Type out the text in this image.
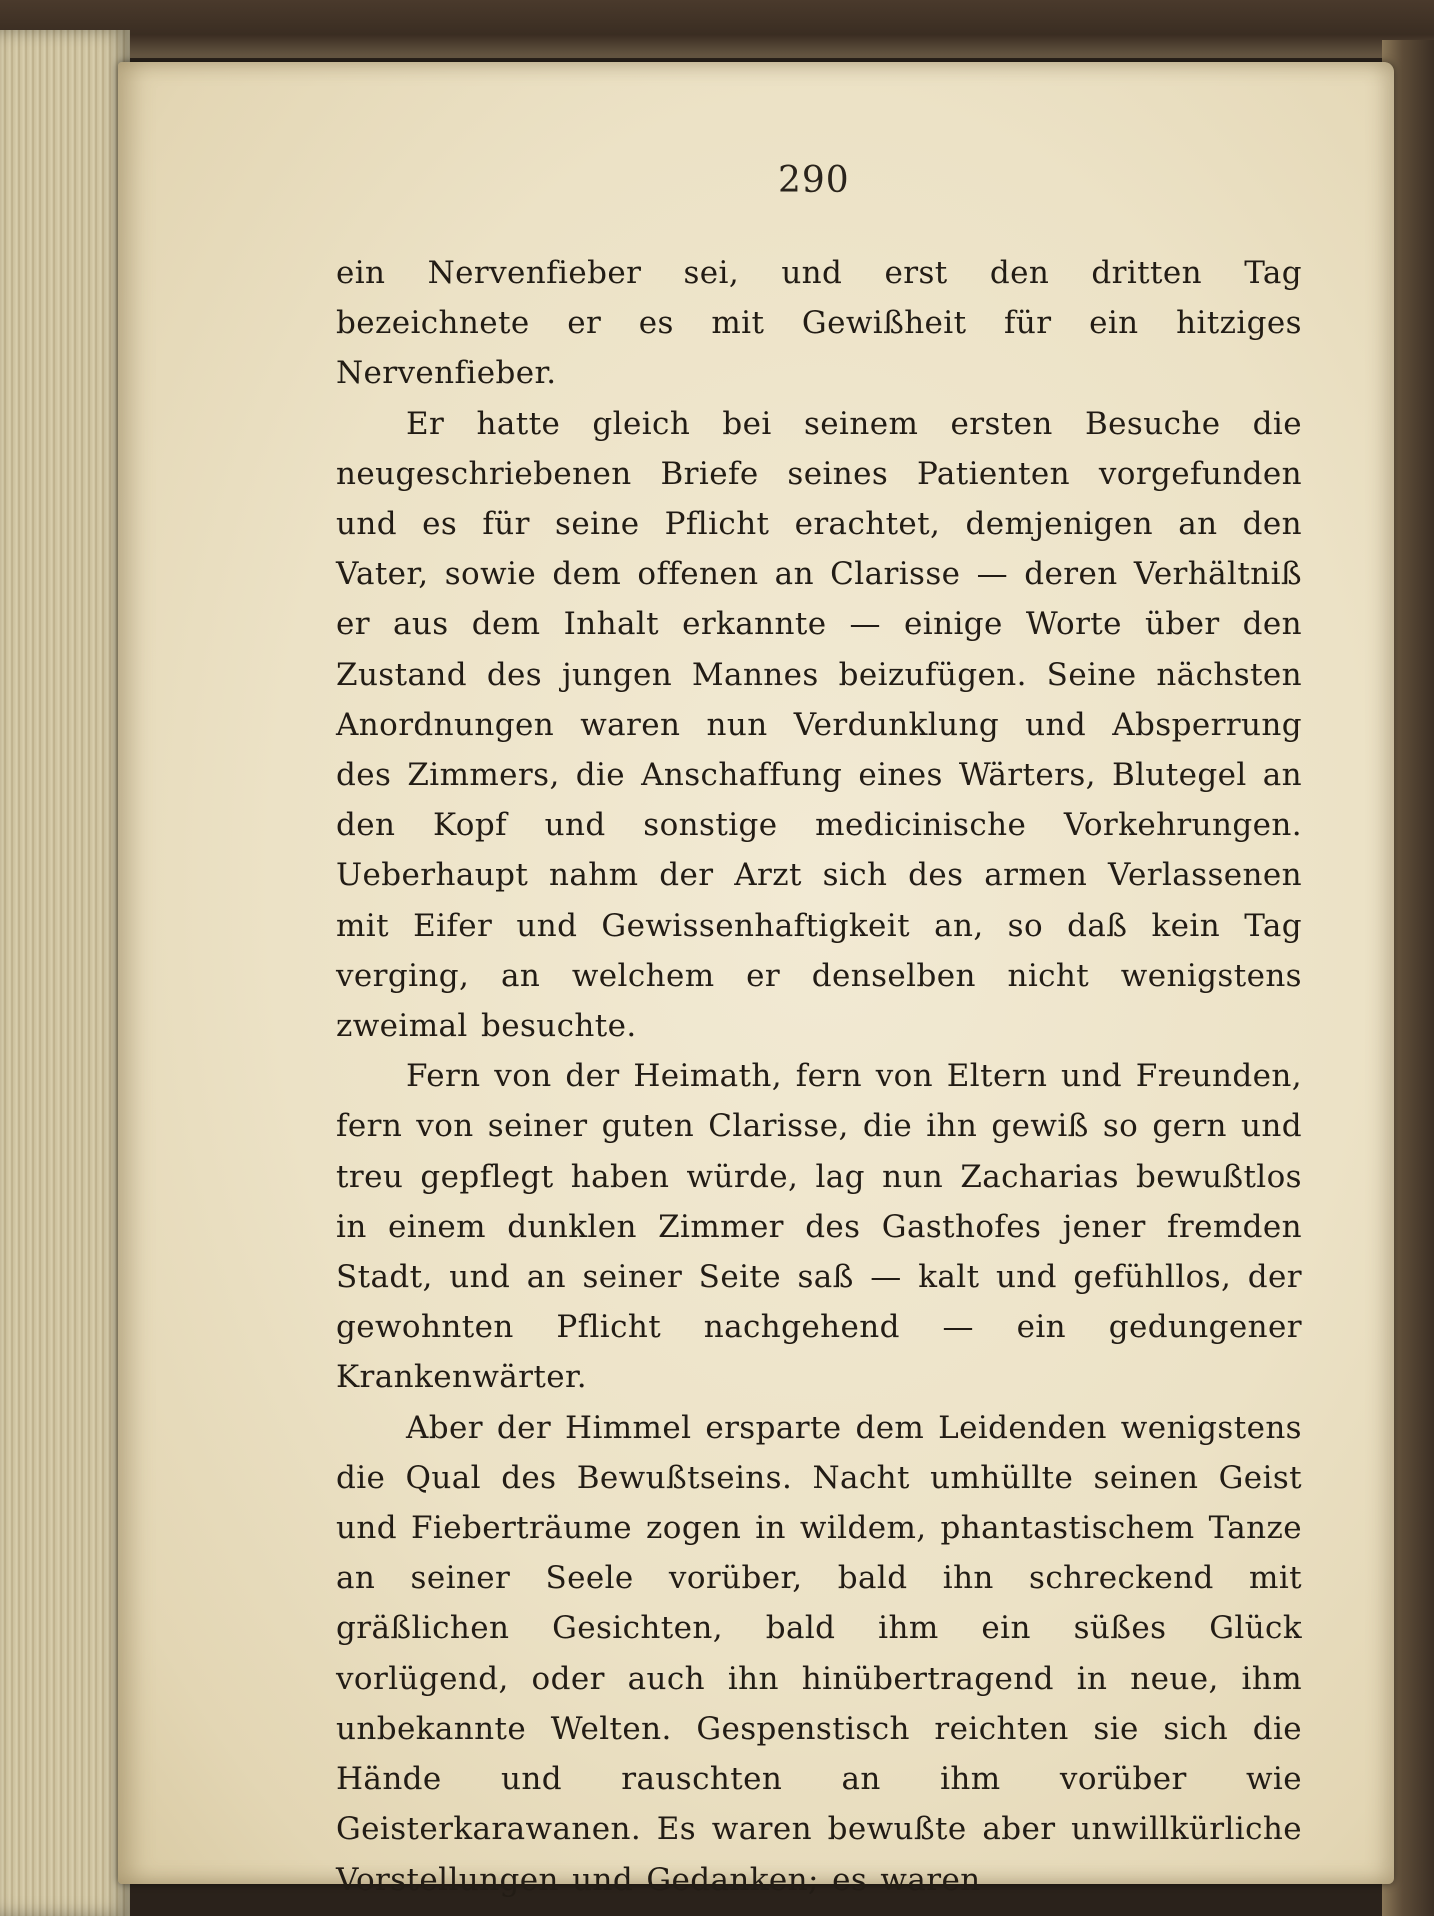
290

ein Nervenfieber sei, und erst den dritten Tag bezeichnete er es mit Gewißheit für ein hitziges Nervenfieber.

Er hatte gleich bei seinem ersten Besuche die neugeschriebenen Briefe seines Patienten vorgefunden und es für seine Pflicht erachtet, demjenigen an den Vater, sowie dem offenen an Clarisse — deren Verhältniß er aus dem Inhalt erkannte — einige Worte über den Zustand des jungen Mannes beizufügen. Seine nächsten Anordnungen waren nun Verdunklung und Absperrung des Zimmers, die Anschaffung eines Wärters, Blutegel an den Kopf und sonstige medicinische Vorkehrungen. Ueberhaupt nahm der Arzt sich des armen Verlassenen mit Eifer und Gewissenhaftigkeit an, so daß kein Tag verging, an welchem er denselben nicht wenigstens zweimal besuchte.

Fern von der Heimath, fern von Eltern und Freunden, fern von seiner guten Clarisse, die ihn gewiß so gern und treu gepflegt haben würde, lag nun Zacharias bewußtlos in einem dunklen Zimmer des Gasthofes jener fremden Stadt, und an seiner Seite saß — kalt und gefühllos, der gewohnten Pflicht nachgehend — ein gedungener Krankenwärter.

Aber der Himmel ersparte dem Leidenden wenigstens die Qual des Bewußtseins. Nacht umhüllte seinen Geist und Fieberträume zogen in wildem, phantastischem Tanze an seiner Seele vorüber, bald ihn schreckend mit gräßlichen Gesichten, bald ihm ein süßes Glück vorlügend, oder auch ihn hinübertragend in neue, ihm unbekannte Welten. Gespenstisch reichten sie sich die Hände und rauschten an ihm vorüber wie Geisterkarawanen. Es waren bewußte aber unwillkürliche Vorstellungen und Gedanken; es waren
